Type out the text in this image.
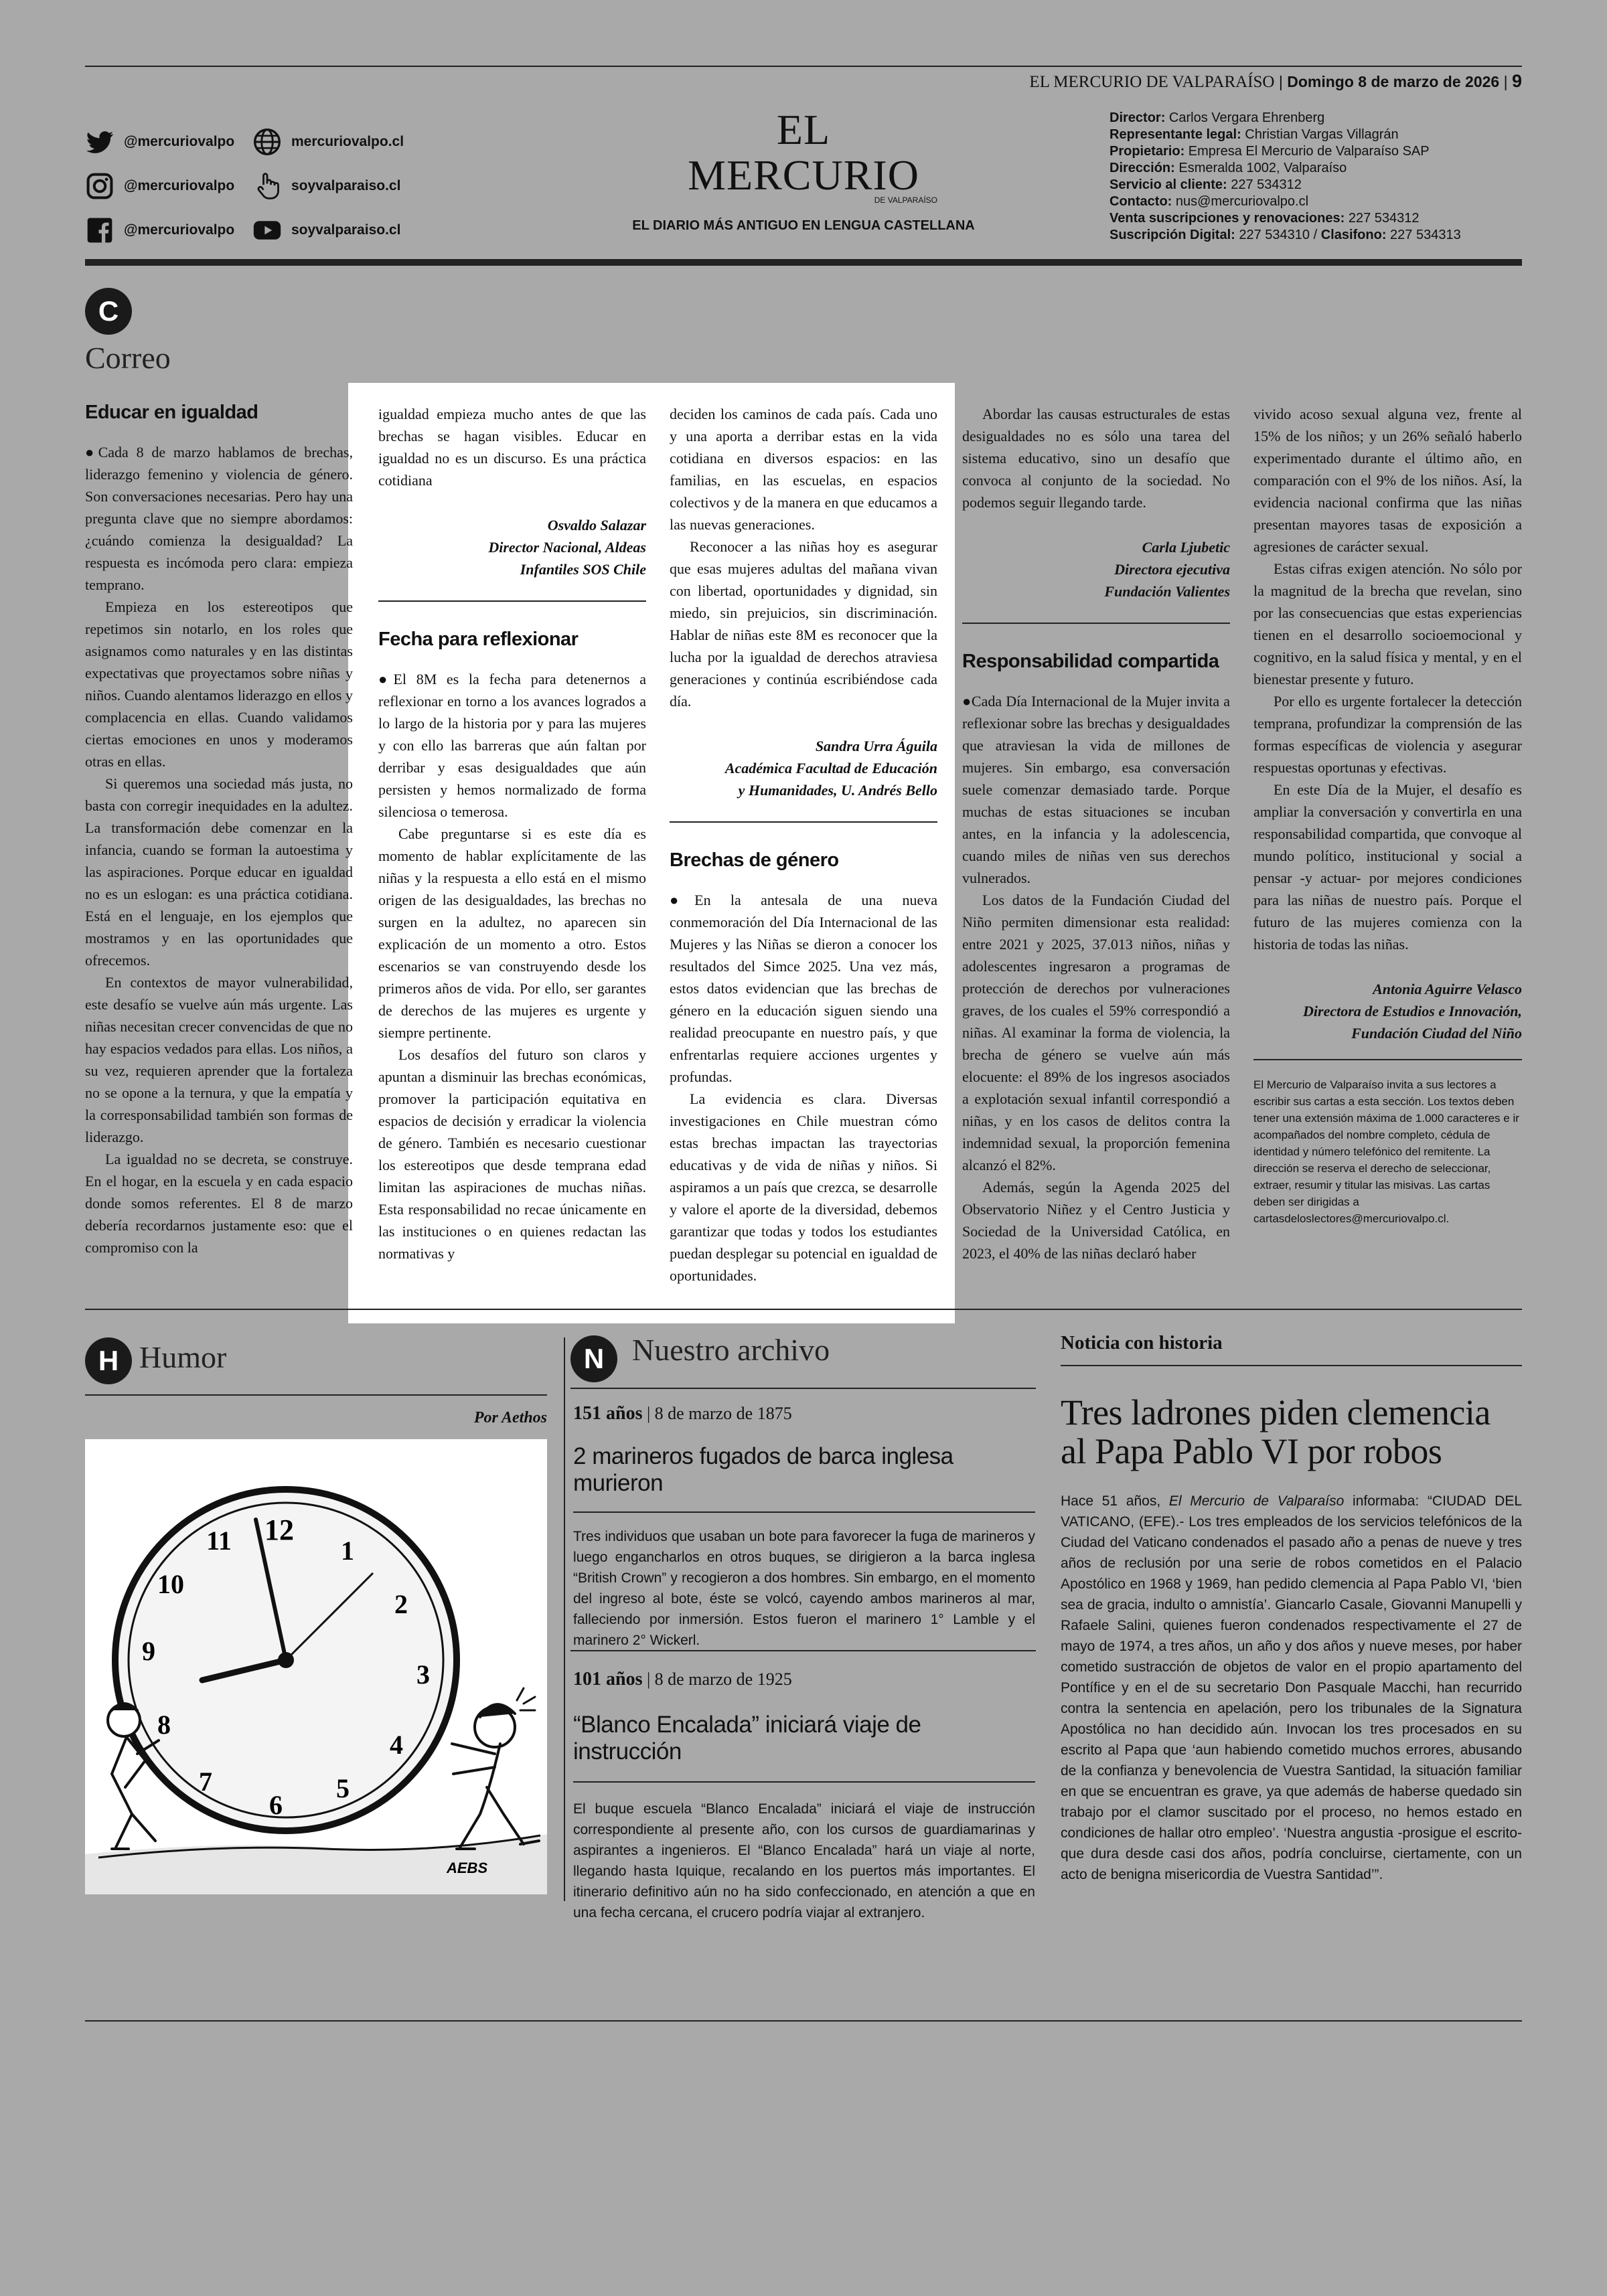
EL MERCURIO DE VALPARAÍSO | Domingo 8 de marzo de 2026 | 9
@mercuriovalpo	mercuriovalpo.cl
@mercuriovalpo	soyvalparaiso.cl
@mercuriovalpo	soyvalparaiso.cl
EL MERCURIO
DE VALPARAÍSO
EL DIARIO MÁS ANTIGUO EN LENGUA CASTELLANA
Director: Carlos Vergara Ehrenberg
Representante legal: Christian Vargas Villagrán
Propietario: Empresa El Mercurio de Valparaíso SAP
Dirección: Esmeralda 1002, Valparaíso
Servicio al cliente: 227 534312
Contacto: nus@mercuriovalpo.cl
Venta suscripciones y renovaciones: 227 534312
Suscripción Digital: 227 534310 / Clasifono: 227 534313
C
Correo
Educar en igualdad

●Cada 8 de marzo hablamos de brechas, liderazgo femenino y violencia de género. Son conversaciones necesarias. Pero hay una pregunta clave que no siempre abordamos: ¿cuándo comienza la desigualdad? La respuesta es incómoda pero clara: empieza temprano.

Empieza en los estereotipos que repetimos sin notarlo, en los roles que asignamos como naturales y en las distintas expectativas que proyectamos sobre niñas y niños. Cuando alentamos liderazgo en ellos y complacencia en ellas. Cuando validamos ciertas emociones en unos y moderamos otras en ellas.

Si queremos una sociedad más justa, no basta con corregir inequidades en la adultez. La transformación debe comenzar en la infancia, cuando se forman la autoestima y las aspiraciones. Porque educar en igualdad no es un eslogan: es una práctica cotidiana. Está en el lenguaje, en los ejemplos que mostramos y en las oportunidades que ofrecemos.

En contextos de mayor vulnerabilidad, este desafío se vuelve aún más urgente. Las niñas necesitan crecer convencidas de que no hay espacios vedados para ellas. Los niños, a su vez, requieren aprender que la fortaleza no se opone a la ternura, y que la empatía y la corresponsabilidad también son formas de liderazgo.

La igualdad no se decreta, se construye. En el hogar, en la escuela y en cada espacio donde somos referentes. El 8 de marzo debería recordarnos justamente eso: que el compromiso con la

igualdad empieza mucho antes de que las brechas se hagan visibles. Educar en igualdad no es un discurso. Es una práctica cotidiana

Osvaldo Salazar
Director Nacional, Aldeas
Infantiles SOS Chile
Fecha para reflexionar

●El 8M es la fecha para detenernos a reflexionar en torno a los avances logrados a lo largo de la historia por y para las mujeres y con ello las barreras que aún faltan por derribar y esas desigualdades que aún persisten y hemos normalizado de forma silenciosa o temerosa.

Cabe preguntarse si es este día es momento de hablar explícitamente de las niñas y la respuesta a ello está en el mismo origen de las desigualdades, las brechas no surgen en la adultez, no aparecen sin explicación de un momento a otro. Estos escenarios se van construyendo desde los primeros años de vida. Por ello, ser garantes de derechos de las mujeres es urgente y siempre pertinente.

Los desafíos del futuro son claros y apuntan a disminuir las brechas económicas, promover la participación equitativa en espacios de decisión y erradicar la violencia de género. También es necesario cuestionar los estereotipos que desde temprana edad limitan las aspiraciones de muchas niñas. Esta responsabilidad no recae únicamente en las instituciones o en quienes redactan las normativas y

deciden los caminos de cada país. Cada uno y una aporta a derribar estas en la vida cotidiana en diversos espacios: en las familias, en las escuelas, en espacios colectivos y de la manera en que educamos a las nuevas generaciones.

Reconocer a las niñas hoy es asegurar que esas mujeres adultas del mañana vivan con libertad, oportunidades y dignidad, sin miedo, sin prejuicios, sin discriminación. Hablar de niñas este 8M es reconocer que la lucha por la igualdad de derechos atraviesa generaciones y continúa escribiéndose cada día.

Sandra Urra Águila
Académica Facultad de Educación
y Humanidades, U. Andrés Bello
Brechas de género

●En la antesala de una nueva conmemoración del Día Internacional de las Mujeres y las Niñas se dieron a conocer los resultados del Simce 2025. Una vez más, estos datos evidencian que las brechas de género en la educación siguen siendo una realidad preocupante en nuestro país, y que enfrentarlas requiere acciones urgentes y profundas.

La evidencia es clara. Diversas investigaciones en Chile muestran cómo estas brechas impactan las trayectorias educativas y de vida de niñas y niños. Si aspiramos a un país que crezca, se desarrolle y valore el aporte de la diversidad, debemos garantizar que todas y todos los estudiantes puedan desplegar su potencial en igualdad de oportunidades.

Abordar las causas estructurales de estas desigualdades no es sólo una tarea del sistema educativo, sino un desafío que convoca al conjunto de la sociedad. No podemos seguir llegando tarde.

Carla Ljubetic
Directora ejecutiva
Fundación Valientes
Responsabilidad compartida

●Cada Día Internacional de la Mujer invita a reflexionar sobre las brechas y desigualdades que atraviesan la vida de millones de mujeres. Sin embargo, esa conversación suele comenzar demasiado tarde. Porque muchas de estas situaciones se incuban antes, en la infancia y la adolescencia, cuando miles de niñas ven sus derechos vulnerados.

Los datos de la Fundación Ciudad del Niño permiten dimensionar esta realidad: entre 2021 y 2025, 37.013 niños, niñas y adolescentes ingresaron a programas de protección de derechos por vulneraciones graves, de los cuales el 59% correspondió a niñas. Al examinar la forma de violencia, la brecha de género se vuelve aún más elocuente: el 89% de los ingresos asociados a explotación sexual infantil correspondió a niñas, y en los casos de delitos contra la indemnidad sexual, la proporción femenina alcanzó el 82%.

Además, según la Agenda 2025 del Observatorio Niñez y el Centro Justicia y Sociedad de la Universidad Católica, en 2023, el 40% de las niñas declaró haber

vivido acoso sexual alguna vez, frente al 15% de los niños; y un 26% señaló haberlo experimentado durante el último año, en comparación con el 9% de los niños. Así, la evidencia nacional confirma que las niñas presentan mayores tasas de exposición a agresiones de carácter sexual.

Estas cifras exigen atención. No sólo por la magnitud de la brecha que revelan, sino por las consecuencias que estas experiencias tienen en el desarrollo socioemocional y cognitivo, en la salud física y mental, y en el bienestar presente y futuro.

Por ello es urgente fortalecer la detección temprana, profundizar la comprensión de las formas específicas de violencia y asegurar respuestas oportunas y efectivas.

En este Día de la Mujer, el desafío es ampliar la conversación y convertirla en una responsabilidad compartida, que convoque al mundo político, institucional y social a pensar -y actuar- por mejores condiciones para las niñas de nuestro país. Porque el futuro de las mujeres comienza con la historia de todas las niñas.

Antonia Aguirre Velasco
Directora de Estudios e Innovación,
Fundación Ciudad del Niño
El Mercurio de Valparaíso invita a sus lectores a escribir sus cartas a esta sección. Los textos deben tener una extensión máxima de 1.000 caracteres e ir acompañados del nombre completo, cédula de identidad y número telefónico del remitente. La dirección se reserva el derecho de seleccionar, extraer, resumir y titular las misivas. Las cartas deben ser dirigidas a cartasdeloslectores@mercuriovalpo.cl.
H Humor
Por Aethos
12
1
2
3
4
5
6
7
8
9
10
11
AEBS
N Nuestro archivo
151 años | 8 de marzo de 1875
2 marineros fugados de barca inglesa murieron
Tres individuos que usaban un bote para favorecer la fuga de marineros y luego engancharlos en otros buques, se dirigieron a la barca inglesa “British Crown” y recogieron a dos hombres. Sin embargo, en el momento del ingreso al bote, éste se volcó, cayendo ambos marineros al mar, falleciendo por inmersión. Estos fueron el marinero 1° Lamble y el marinero 2° Wickerl.
101 años | 8 de marzo de 1925
“Blanco Encalada” iniciará viaje de instrucción
El buque escuela “Blanco Encalada” iniciará el viaje de instrucción correspondiente al presente año, con los cursos de guardiamarinas y aspirantes a ingenieros. El “Blanco Encalada” hará un viaje al norte, llegando hasta Iquique, recalando en los puertos más importantes. El itinerario definitivo aún no ha sido confeccionado, en atención a que en una fecha cercana, el crucero podría viajar al extranjero.
Noticia con historia
Tres ladrones piden clemencia al Papa Pablo VI por robos
Hace 51 años, El Mercurio de Valparaíso informaba: “CIUDAD DEL VATICANO, (EFE).- Los tres empleados de los servicios telefónicos de la Ciudad del Vaticano condenados el pasado año a penas de nueve y tres años de reclusión por una serie de robos cometidos en el Palacio Apostólico en 1968 y 1969, han pedido clemencia al Papa Pablo VI, ‘bien sea de gracia, indulto o amnistía’. Giancarlo Casale, Giovanni Manupelli y Rafaele Salini, quienes fueron condenados respectivamente el 27 de mayo de 1974, a tres años, un año y dos años y nueve meses, por haber cometido sustracción de objetos de valor en el propio apartamento del Pontífice y en el de su secretario Don Pasquale Macchi, han recurrido contra la sentencia en apelación, pero los tribunales de la Signatura Apostólica no han decidido aún. Invocan los tres procesados en su escrito al Papa que ‘aun habiendo cometido muchos errores, abusando de la confianza y benevolencia de Vuestra Santidad, la situación familiar en que se encuentran es grave, ya que además de haberse quedado sin trabajo por el clamor suscitado por el proceso, no hemos estado en condiciones de hallar otro empleo’. ‘Nuestra angustia -prosigue el escrito- que dura desde casi dos años, podría concluirse, ciertamente, con un acto de benigna misericordia de Vuestra Santidad’”.
